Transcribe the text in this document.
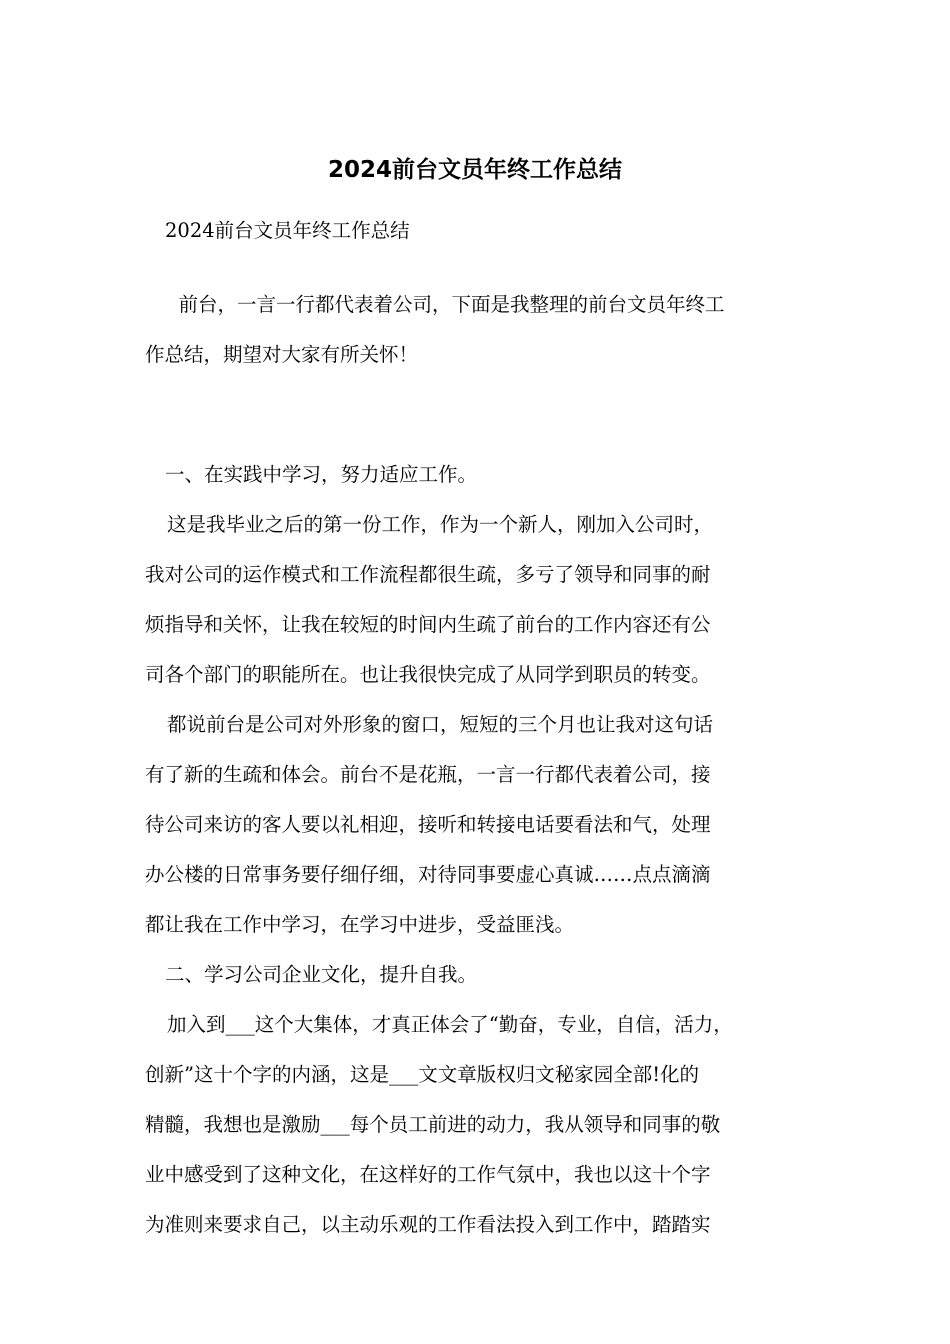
2024前台文员年终工作总结

2024前台文员年终工作总结

　前台，一言一行都代表着公司，下面是我整理的前台文员年终工

作总结，期望对大家有所关怀！

一、在实践中学习，努力适应工作。

这是我毕业之后的第一份工作，作为一个新人，刚加入公司时，

我对公司的运作模式和工作流程都很生疏，多亏了领导和同事的耐

烦指导和关怀，让我在较短的时间内生疏了前台的工作内容还有公

司各个部门的职能所在。也让我很快完成了从同学到职员的转变。

都说前台是公司对外形象的窗口，短短的三个月也让我对这句话

有了新的生疏和体会。前台不是花瓶，一言一行都代表着公司，接

待公司来访的客人要以礼相迎，接听和转接电话要看法和气，处理

办公楼的日常事务要仔细仔细，对待同事要虚心真诚……点点滴滴

都让我在工作中学习，在学习中进步，受益匪浅。

二、学习公司企业文化，提升自我。

加入到___这个大集体，才真正体会了“勤奋，专业，自信，活力，

创新”这十个字的内涵，这是___文文章版权归文秘家园全部!化的

精髓，我想也是激励___每个员工前进的动力，我从领导和同事的敬

业中感受到了这种文化，在这样好的工作气氛中，我也以这十个字

为准则来要求自己，以主动乐观的工作看法投入到工作中，踏踏实
